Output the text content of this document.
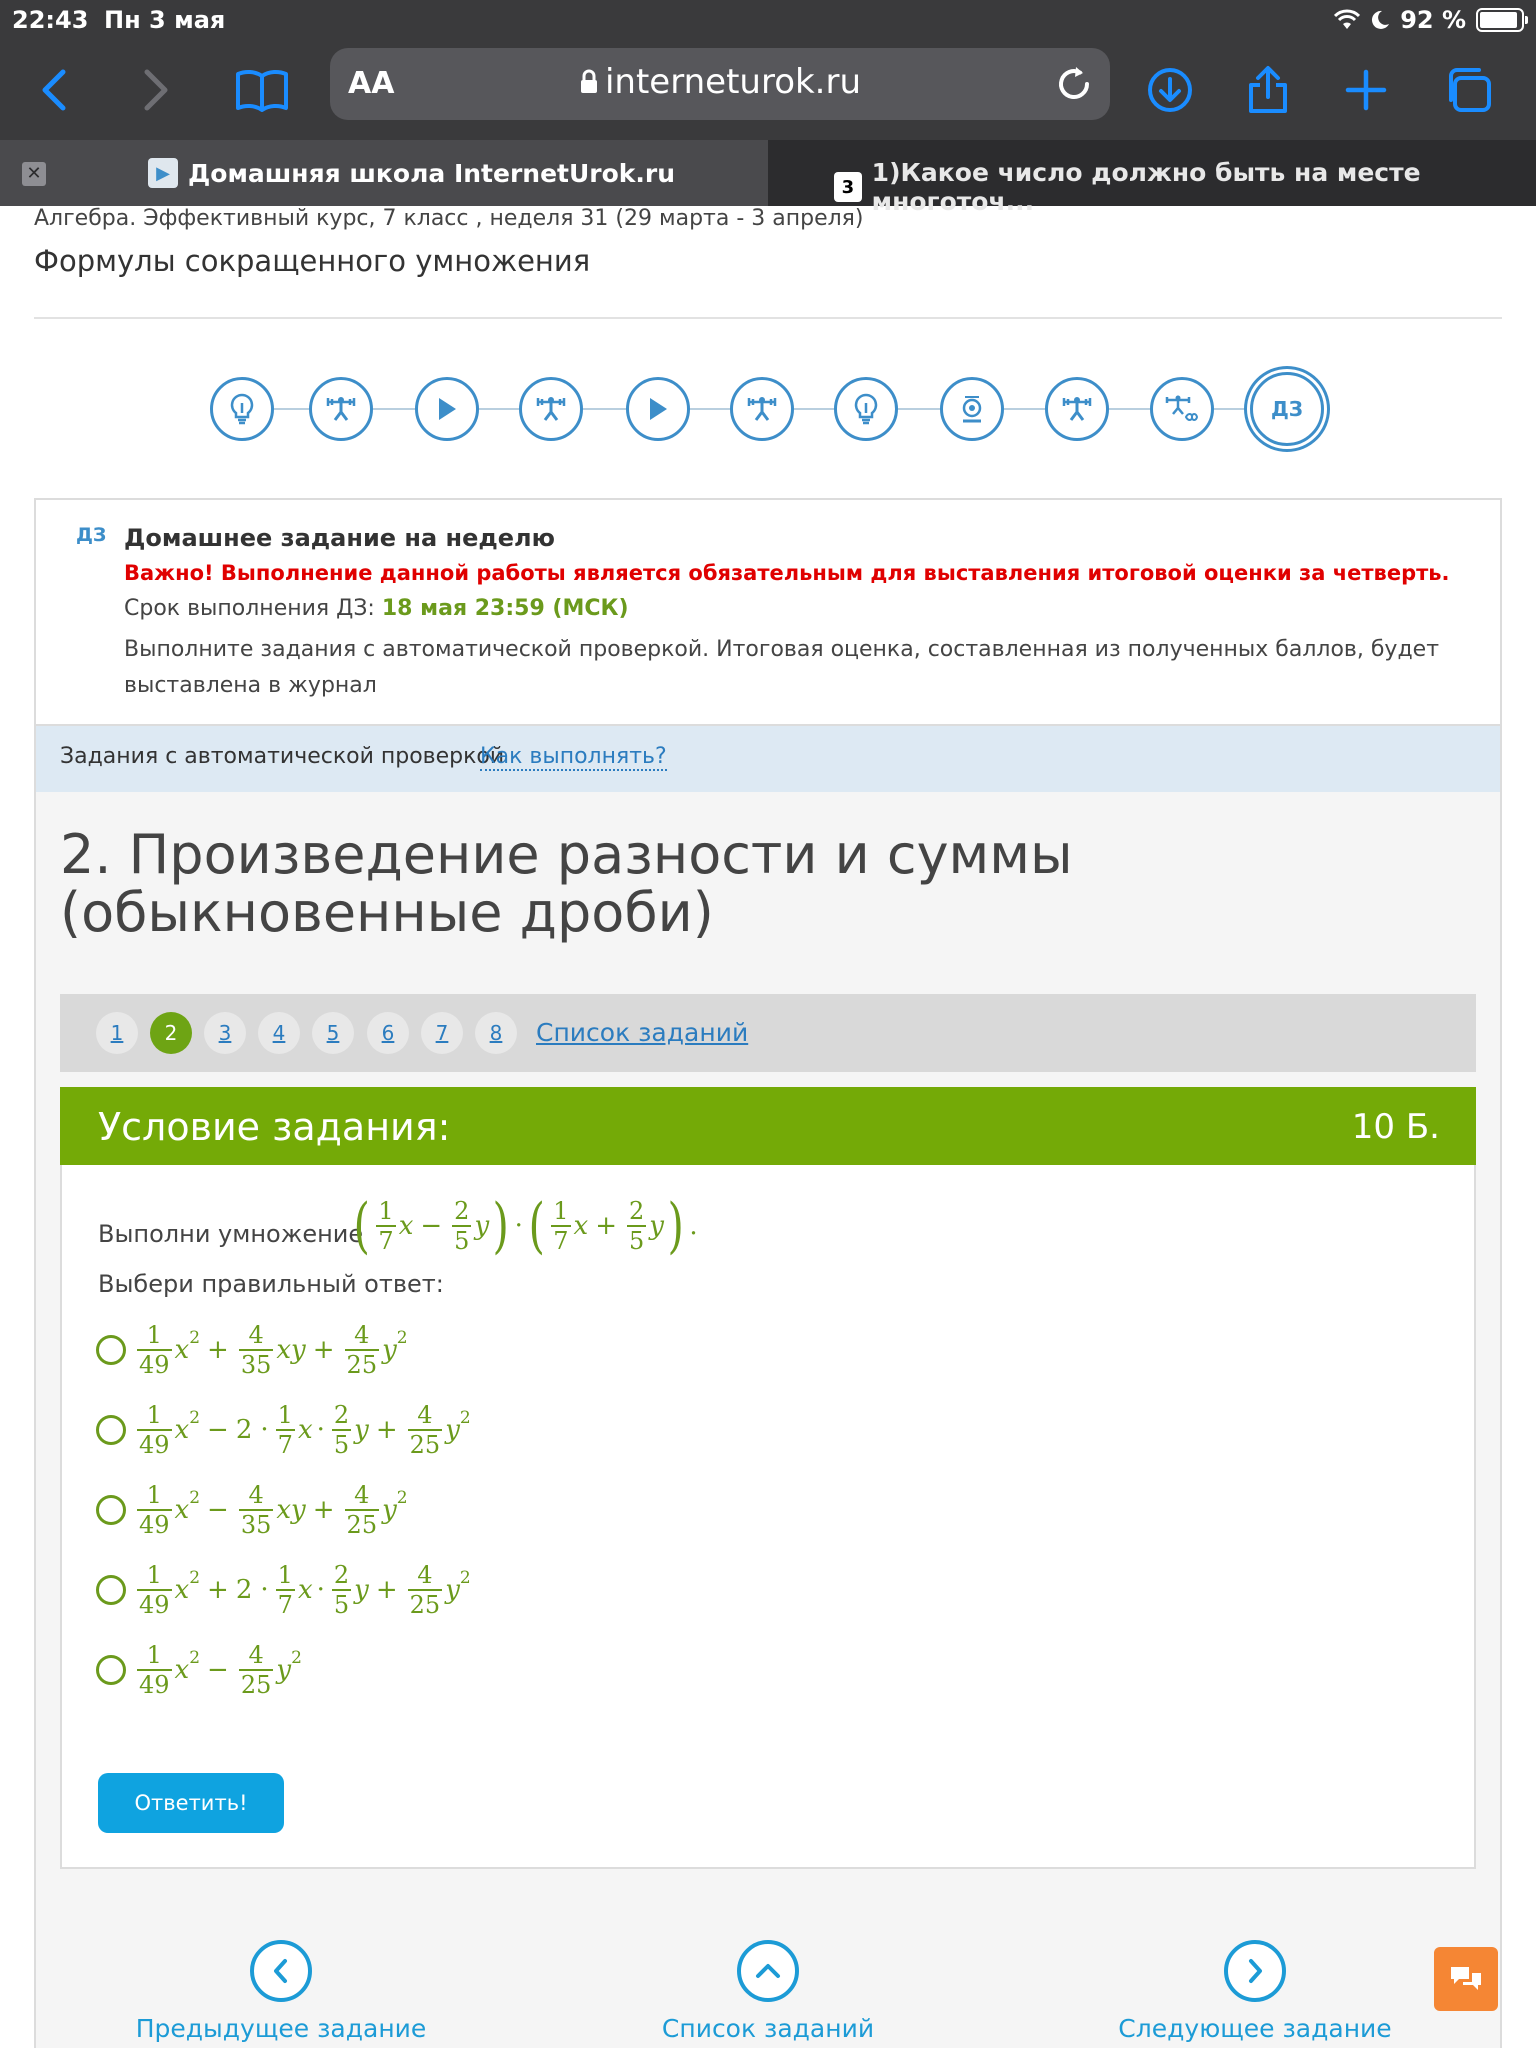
22:43 Пн 3 мая	92 %
AA	interneturok.ru
✕	▶ Домашняя школа InternetUrok.ru	3 1)Какое число должно быть на месте многоточ...
Алгебра. Эффективный курс, 7 класс , неделя 31 (29 марта - 3 апреля)
Формулы сокращенного умножения
ДЗ
ДЗ Домашнее задание на неделю
Важно! Выполнение данной работы является обязательным для выставления итоговой оценки за четверть.
Срок выполнения ДЗ: 18 мая 23:59 (МСК)
Выполните задания с автоматической проверкой. Итоговая оценка, составленная из полученных баллов, будет выставлена в журнал
Задания с автоматической проверкой
Как выполнять?
2. Произведение разности и суммы (обыкновенные дроби)
1	2	3	4	5	6	7	8	Список заданий
Условие задания:	10 Б.
Выполни умножение
( $\frac{1}{7}$ $x - \frac{2}{5}$ y ) · ( $\frac{1}{7}$ $x + \frac{2}{5}$ y ) .
Выбери правильный ответ:
$\frac{1}{49}$ x $2 + \frac{4}{35}$ xy + $\frac{4}{25}$ y 2
$\frac{1}{49}$ x $2 - 2 \cdot \frac{1}{7}$ $x \cdot \frac{2}{5}$ $y + \frac{4}{25}$ y 2
$\frac{1}{49}$ x $2 - \frac{4}{35}$ xy + $\frac{4}{25}$ y 2
$\frac{1}{49}$ x $2 + 2 \cdot \frac{1}{7}$ $x \cdot \frac{2}{5}$ $y + \frac{4}{25}$ y 2
$\frac{1}{49}$ x $2 - \frac{4}{25}$ y 2
Ответить!
Предыдущее задание	Список заданий	Следующее задание
